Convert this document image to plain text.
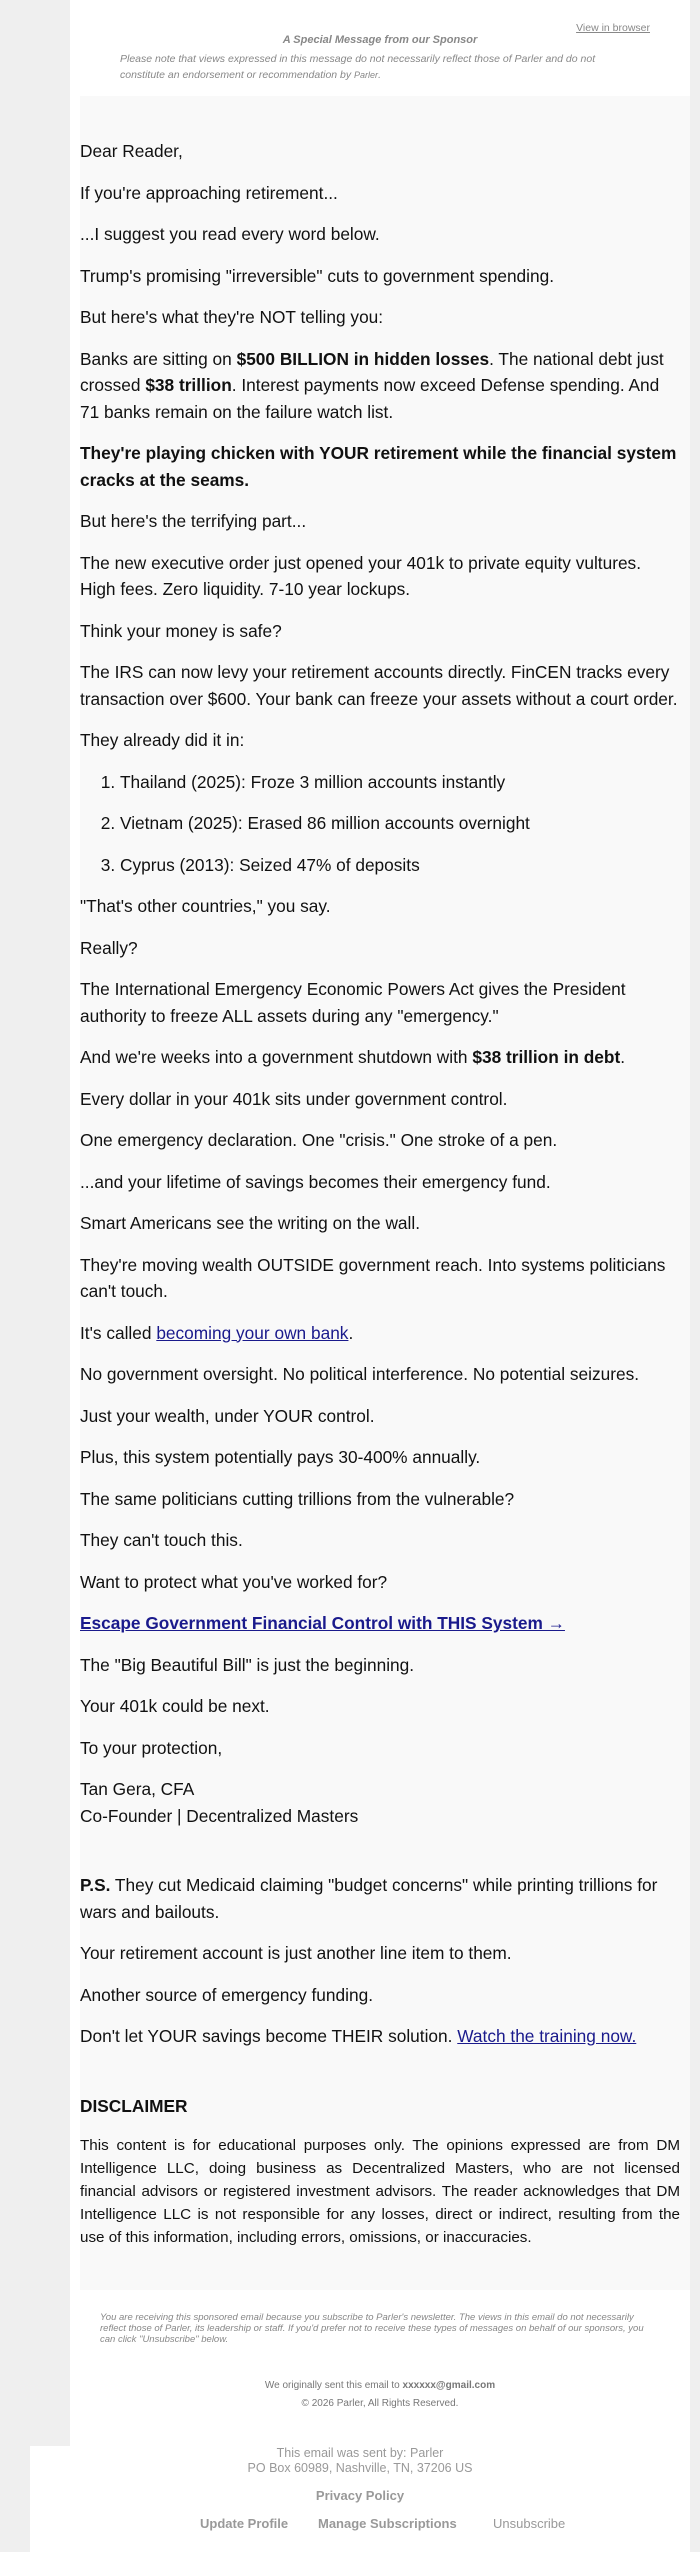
View in browser
A Special Message from our Sponsor
Please note that views expressed in this message do not necessarily reflect those of Parler and do not constitute an endorsement or recommendation by Parler.

Dear Reader,

If you're approaching retirement...

...I suggest you read every word below.

Trump's promising "irreversible" cuts to government spending.

But here's what they're NOT telling you:

Banks are sitting on $500 BILLION in hidden losses. The national debt just crossed $38 trillion. Interest payments now exceed Defense spending. And 71 banks remain on the failure watch list.

They're playing chicken with YOUR retirement while the financial system cracks at the seams.

But here's the terrifying part...

The new executive order just opened your 401k to private equity vultures. High fees. Zero liquidity. 7-10 year lockups.

Think your money is safe?

The IRS can now levy your retirement accounts directly. FinCEN tracks every transaction over $600. Your bank can freeze your assets without a court order.

They already did it in:

1. Thailand (2025): Froze 3 million accounts instantly
2. Vietnam (2025): Erased 86 million accounts overnight
3. Cyprus (2013): Seized 47% of deposits

"That's other countries," you say.

Really?

The International Emergency Economic Powers Act gives the President authority to freeze ALL assets during any "emergency."

And we're weeks into a government shutdown with $38 trillion in debt.

Every dollar in your 401k sits under government control.

One emergency declaration. One "crisis." One stroke of a pen.

...and your lifetime of savings becomes their emergency fund.

Smart Americans see the writing on the wall.

They're moving wealth OUTSIDE government reach. Into systems politicians can't touch.

It's called becoming your own bank.

No government oversight. No political interference. No potential seizures.

Just your wealth, under YOUR control.

Plus, this system potentially pays 30-400% annually.

The same politicians cutting trillions from the vulnerable?

They can't touch this.

Want to protect what you've worked for?

Escape Government Financial Control with THIS System →

The "Big Beautiful Bill" is just the beginning.

Your 401k could be next.

To your protection,

Tan Gera, CFA
Co-Founder | Decentralized Masters

P.S. They cut Medicaid claiming "budget concerns" while printing trillions for wars and bailouts.

Your retirement account is just another line item to them.

Another source of emergency funding.

Don't let YOUR savings become THEIR solution. Watch the training now.

DISCLAIMER

This content is for educational purposes only. The opinions expressed are from DM Intelligence LLC, doing business as Decentralized Masters, who are not licensed financial advisors or registered investment advisors. The reader acknowledges that DM Intelligence LLC is not responsible for any losses, direct or indirect, resulting from the use of this information, including errors, omissions, or inaccuracies.

You are receiving this sponsored email because you subscribe to Parler's newsletter. The views in this email do not necessarily reflect those of Parler, its leadership or staff. If you'd prefer not to receive these types of messages on behalf of our sponsors, you can click "Unsubscribe" below.
We originally sent this email to xxxxxx@gmail.com
© 2026 Parler, All Rights Reserved.
This email was sent by: Parler
PO Box 60989, Nashville, TN, 37206 US
Privacy Policy
Update Profile Manage Subscriptions	Unsubscribe
